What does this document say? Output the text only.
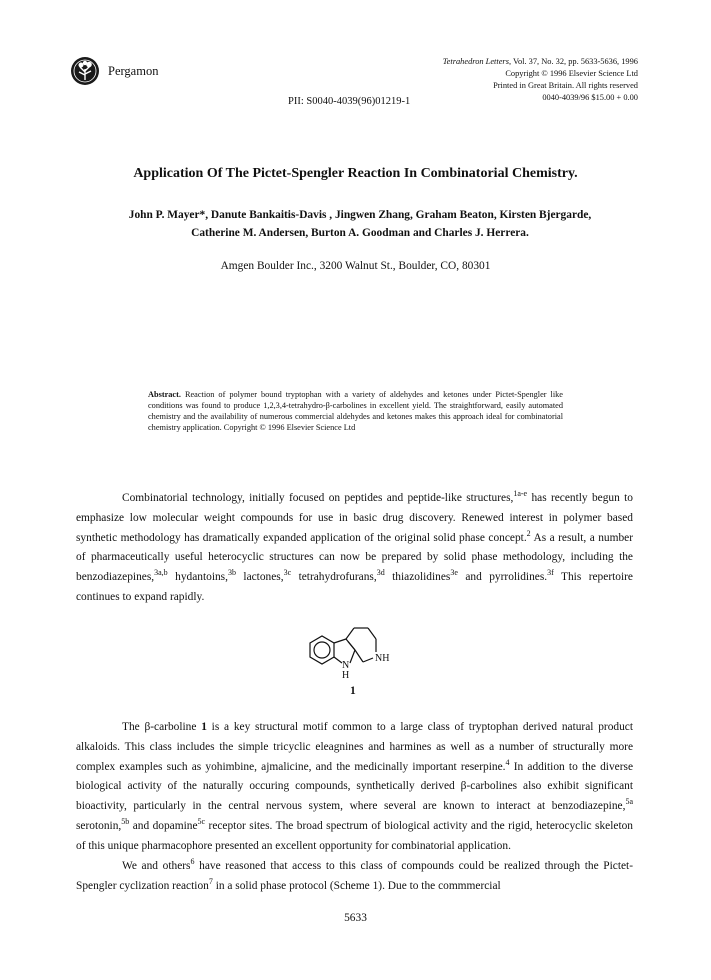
Pergamon
Tetrahedron Letters, Vol. 37, No. 32, pp. 5633-5636, 1996
Copyright © 1996 Elsevier Science Ltd
Printed in Great Britain. All rights reserved
0040-4039/96 $15.00 + 0.00
PII: S0040-4039(96)01219-1
Application Of The Pictet-Spengler Reaction In Combinatorial Chemistry.
John P. Mayer*, Danute Bankaitis-Davis , Jingwen Zhang, Graham Beaton, Kirsten Bjergarde,
Catherine M. Andersen, Burton A. Goodman and Charles J. Herrera.
Amgen Boulder Inc., 3200 Walnut St., Boulder, CO, 80301
Abstract. Reaction of polymer bound tryptophan with a variety of aldehydes and ketones under Pictet-Spengler like conditions was found to produce 1,2,3,4-tetrahydro-β-carbolines in excellent yield. The straightforward, easily automated chemistry and the availability of numerous commercial aldehydes and ketones makes this approach ideal for combinatorial chemistry application. Copyright © 1996 Elsevier Science Ltd
Combinatorial technology, initially focused on peptides and peptide-like structures,$^{1a-e}$ has recently begun to emphasize low molecular weight compounds for use in basic drug discovery. Renewed interest in polymer based synthetic methodology has dramatically expanded application of the original solid phase concept.$^2$ As a result, a number of pharmaceutically useful heterocyclic structures can now be prepared by solid phase methodology, including the benzodiazepines,$^{3a,b}$ hydantoins,$^{3b}$ lactones,$^{3c}$ tetrahydrofurans,$^{3d}$ thiazolidines$^{3e}$ and pyrrolidines.$^{3f}$ This repertoire continues to expand rapidly.
NH
N
H
1
The β-carboline 1 is a key structural motif common to a large class of tryptophan derived natural product alkaloids. This class includes the simple tricyclic eleagnines and harmines as well as a number of structurally more complex examples such as yohimbine, ajmalicine, and the medicinally important reserpine.$^4$ In addition to the diverse biological activity of the naturally occuring compounds, synthetically derived β-carbolines also exhibit significant bioactivity, particularly in the central nervous system, where several are known to interact at benzodiazepine,$^{5a}$ serotonin,$^{5b}$ and dopamine$^{5c}$ receptor sites. The broad spectrum of biological activity and the rigid, heterocyclic skeleton of this unique pharmacophore presented an excellent opportunity for combinatorial application.
We and others$^6$ have reasoned that access to this class of compounds could be realized through the Pictet-Spengler cyclization reaction$^7$ in a solid phase protocol (Scheme 1). Due to the commmercial
5633
